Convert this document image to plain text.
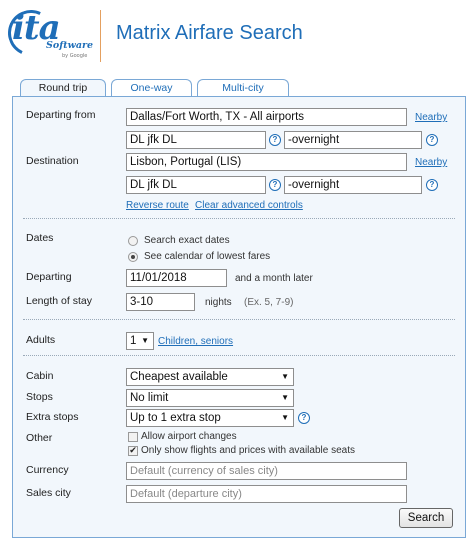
ita
Software
by Google
Matrix Airfare Search
Round trip	One-way	Multi-city
Departing from	Dallas/Fort Worth, TX - All airports	Nearby
DL jfk DL	? -overnight	?
Destination	Lisbon, Portugal (LIS)	Nearby
DL jfk DL	? -overnight	?
Reverse route Clear advanced controls
Dates	Search exact dates
See calendar of lowest fares
Departing	11/01/2018	and a month later
Length of stay	3-10	nights (Ex. 5, 7-9)
Adults	1 ▼ Children, seniors
Cabin	Cheapest available	▼
Stops	No limit	▼
Extra stops	Up to 1 extra stop	▼	?
Other	Allow airport changes
✔ Only show flights and prices with available seats
Currency	Default (currency of sales city)
Sales city	Default (departure city)
Search
